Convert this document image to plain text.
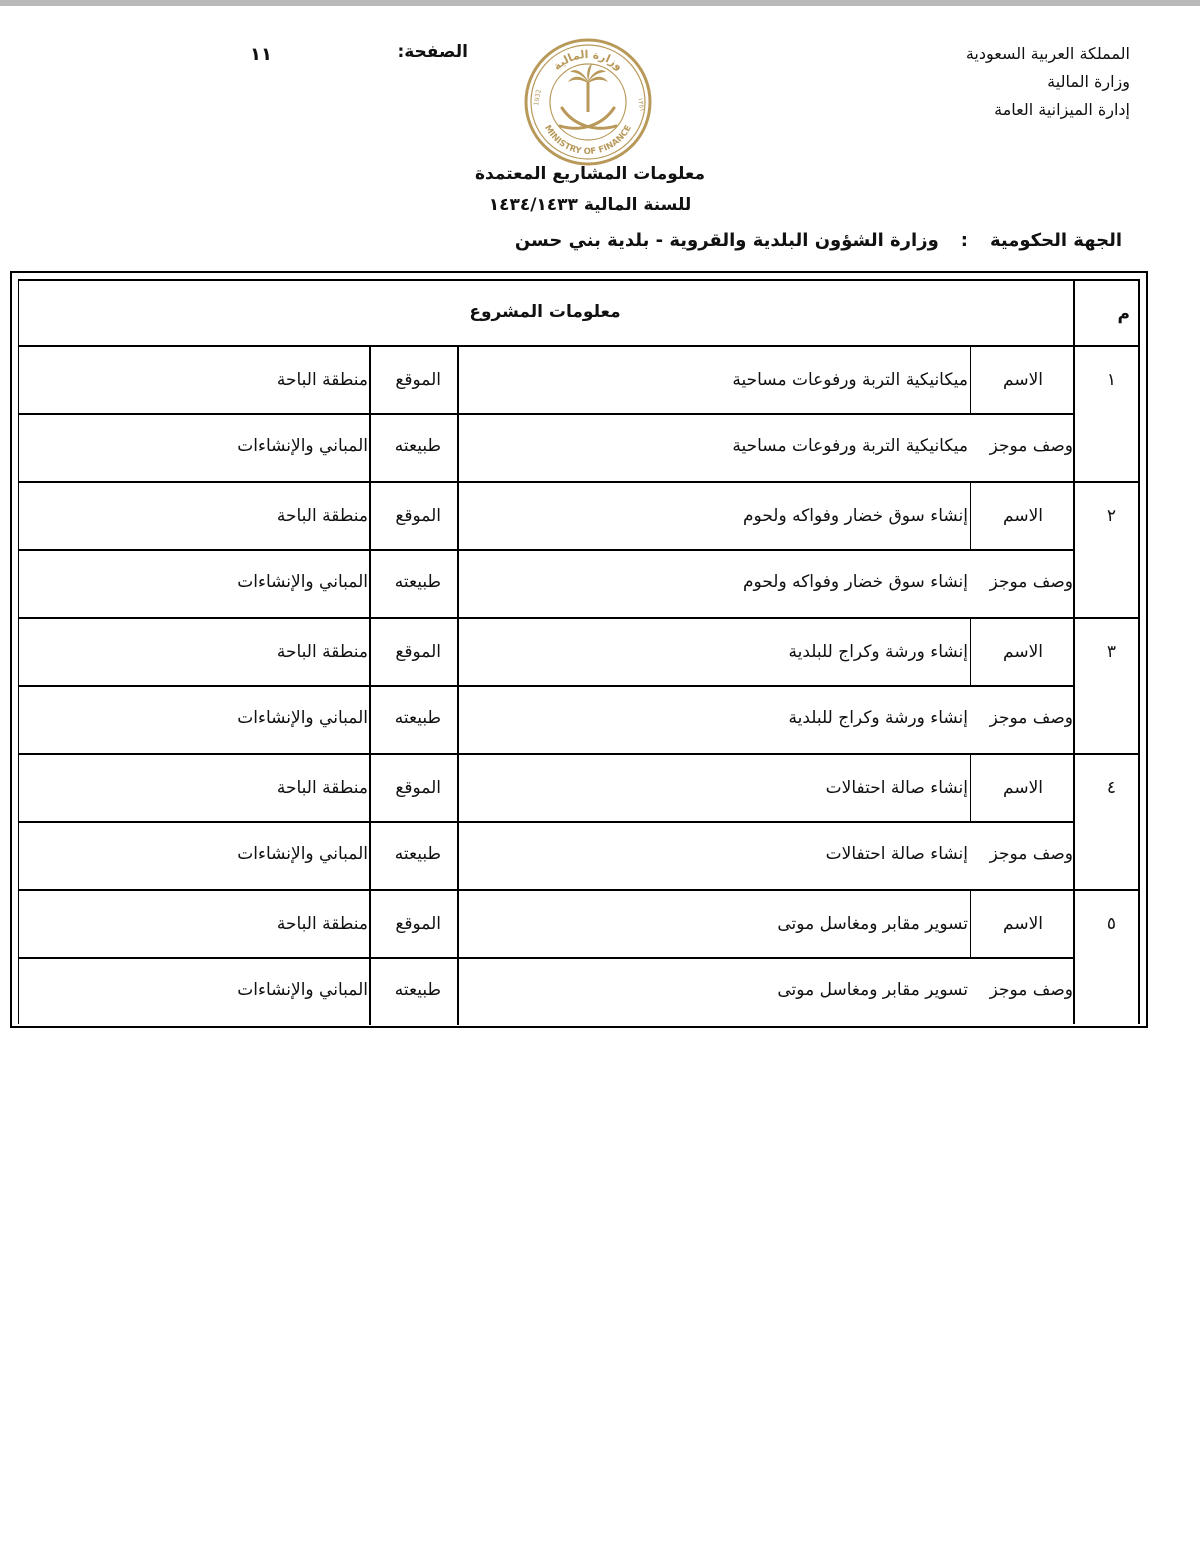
المملكة العربية السعودية
وزارة المالية
إدارة الميزانية العامة
الصفحة:
١١
وزارة المالية
MINISTRY OF FINANCE
1932	١٣٥١
معلومات المشاريع المعتمدة
للسنة المالية ١٤٣٤/١٤٣٣
الجهة الحكومية:وزارة الشؤون البلدية والقروية - بلدية بني حسن
م
معلومات المشروع
١
الاسم
ميكانيكية التربة ورفوعات مساحية
الموقع
منطقة الباحة
وصف موجز
ميكانيكية التربة ورفوعات مساحية
طبيعته
المباني والإنشاءات
٢
الاسم
إنشاء سوق خضار وفواكه ولحوم
الموقع
منطقة الباحة
وصف موجز
إنشاء سوق خضار وفواكه ولحوم
طبيعته
المباني والإنشاءات
٣
الاسم
إنشاء ورشة وكراج للبلدية
الموقع
منطقة الباحة
وصف موجز
إنشاء ورشة وكراج للبلدية
طبيعته
المباني والإنشاءات
٤
الاسم
إنشاء صالة احتفالات
الموقع
منطقة الباحة
وصف موجز
إنشاء صالة احتفالات
طبيعته
المباني والإنشاءات
٥
الاسم
تسوير مقابر ومغاسل موتى
الموقع
منطقة الباحة
وصف موجز
تسوير مقابر ومغاسل موتى
طبيعته
المباني والإنشاءات
